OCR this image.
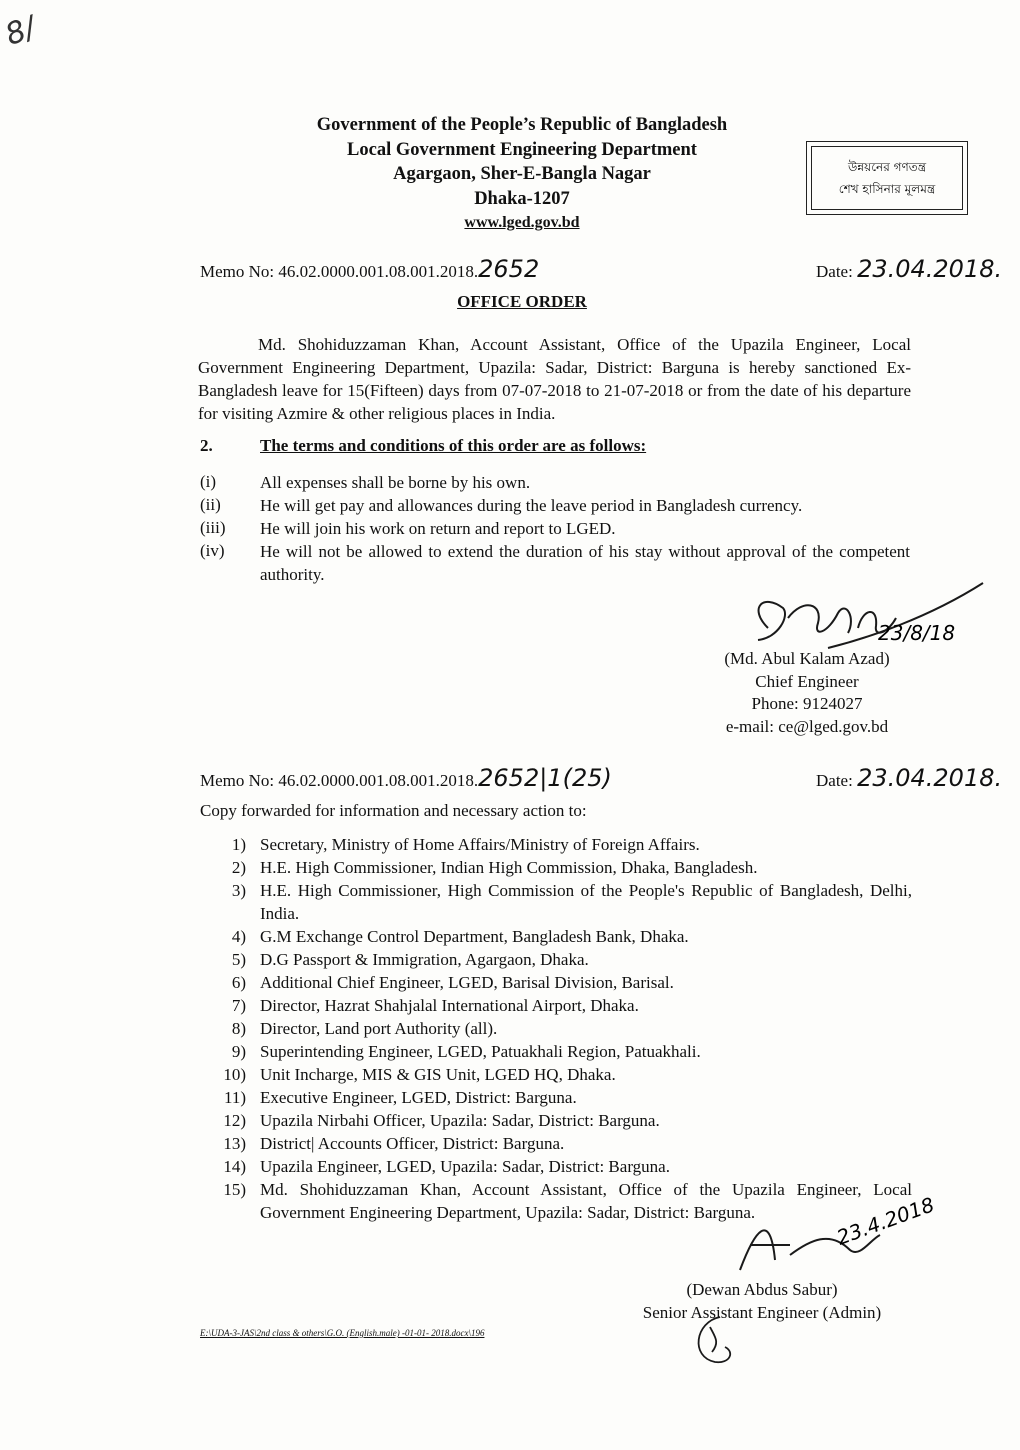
8/
Government of the People’s Republic of Bangladesh
Local Government Engineering Department
Agargaon, Sher-E-Bangla Nagar
Dhaka-1207
www.lged.gov.bd
উন্নয়নের গণতন্ত্র
শেখ হাসিনার মূলমন্ত্র
Memo No: 46.02.0000.001.08.001.2018.2652	Date: 23.04.2018.
OFFICE ORDER
Md. Shohiduzzaman Khan, Account Assistant, Office of the Upazila Engineer, Local Government Engineering Department, Upazila: Sadar, District: Barguna is hereby sanctioned Ex-Bangladesh leave for 15(Fifteen) days from 07-07-2018 to 21-07-2018 or from the date of his departure for visiting Azmire & other religious places in India.
2.	The terms and conditions of this order are as follows:
(i)	All expenses shall be borne by his own.
(ii) He will get pay and allowances during the leave period in Bangladesh currency.
(iii) He will join his work on return and report to LGED.
(iv) He will not be allowed to extend the duration of his stay without approval of the competent authority.
23/8/18
(Md. Abul Kalam Azad)
Chief Engineer
Phone: 9124027
e-mail: ce@lged.gov.bd
Memo No: 46.02.0000.001.08.001.2018.2652|1(25)	Date: 23.04.2018.
Copy forwarded for information and necessary action to:
1) Secretary, Ministry of Home Affairs/Ministry of Foreign Affairs.
2) H.E. High Commissioner, Indian High Commission, Dhaka, Bangladesh.
3) H.E. High Commissioner, High Commission of the People's Republic of Bangladesh, Delhi, India.
4) G.M Exchange Control Department, Bangladesh Bank, Dhaka.
5) D.G Passport & Immigration, Agargaon, Dhaka.
6) Additional Chief Engineer, LGED, Barisal Division, Barisal.
7) Director, Hazrat Shahjalal International Airport, Dhaka.
8) Director, Land port Authority (all).
9) Superintending Engineer, LGED, Patuakhali Region, Patuakhali.
10) Unit Incharge, MIS & GIS Unit, LGED HQ, Dhaka.
11) Executive Engineer, LGED, District: Barguna.
12) Upazila Nirbahi Officer, Upazila: Sadar, District: Barguna.
13) District| Accounts Officer, District: Barguna.
14) Upazila Engineer, LGED, Upazila: Sadar, District: Barguna.
15) Md. Shohiduzzaman Khan, Account Assistant, Office of the Upazila Engineer, Local Government Engineering Department, Upazila: Sadar, District: Barguna.	23.4.2018
(Dewan Abdus Sabur)
Senior Assistant Engineer (Admin)
E:\UDA-3-JAS\2nd class & others\G.O. (English.male) -01-01- 2018.docx\196
